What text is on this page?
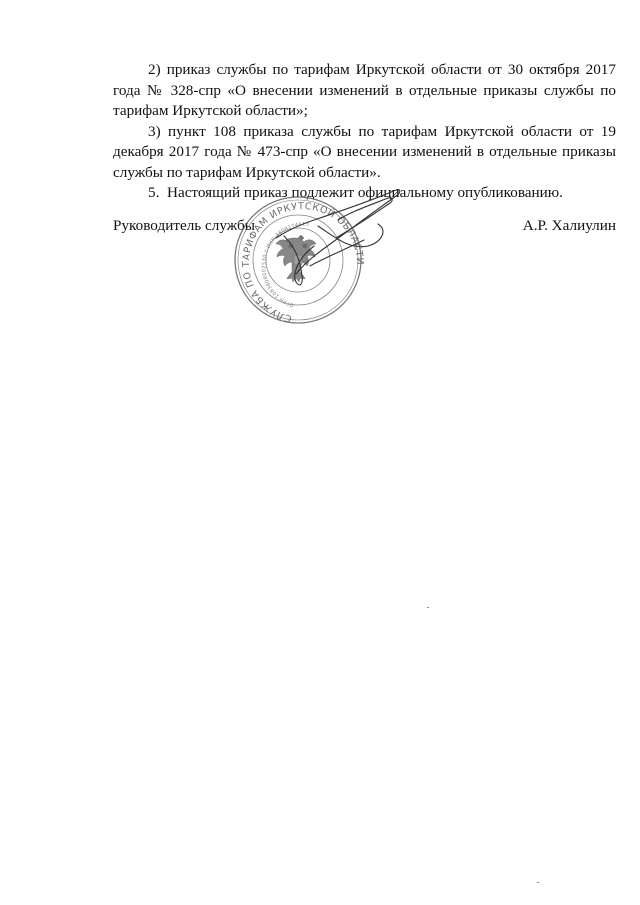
2) приказ службы по тарифам Иркутской области от 30 октября 2017 года № 328-спр «О внесении изменений в отдельные приказы службы по тарифам Иркутской области»;

3) пункт 108 приказа службы по тарифам Иркутской области от 19 декабря 2017 года № 473-спр «О внесении изменений в отдельные приказы службы по тарифам Иркутской области».

5.  Настоящий приказ подлежит официальному опубликованию.

Руководитель службы	А.Р. Халиулин
СЛУЖБА ПО ТАРИФАМ ИРКУТСКОЙ ОБЛАСТИ
ОГРН 1083808002530 * ИНН 3808174613
